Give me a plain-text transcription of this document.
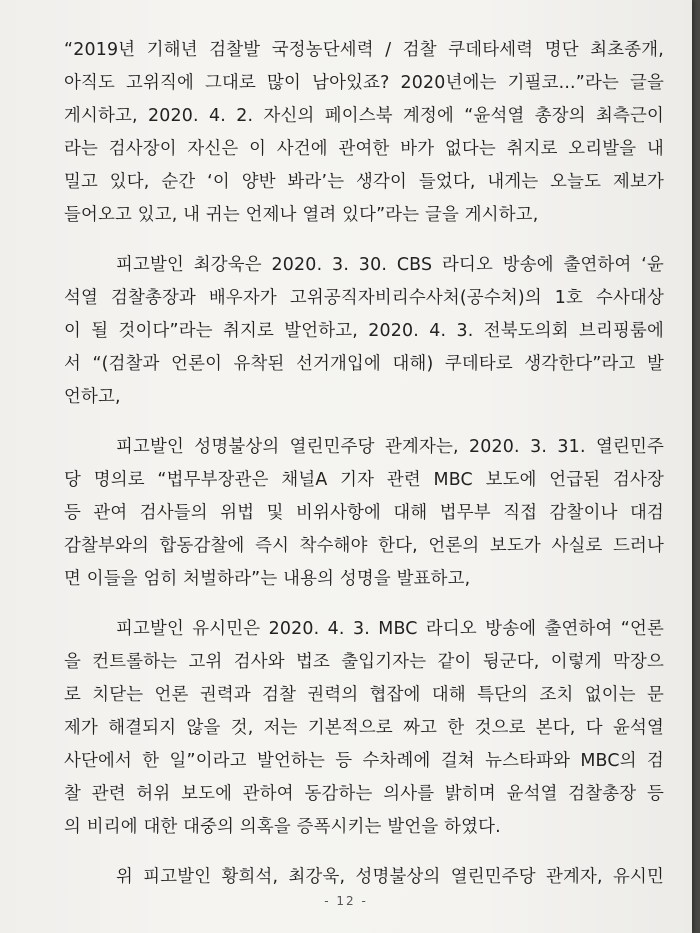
“2019년 기해년 검찰발 국정농단세력 / 검찰 쿠데타세력 명단 최초종개,
아직도 고위직에 그대로 많이 남아있죠? 2020년에는 기필코...”라는 글을
게시하고, 2020. 4. 2. 자신의 페이스북 계정에 “윤석열 총장의 최측근이
라는 검사장이 자신은 이 사건에 관여한 바가 없다는 취지로 오리발을 내
밀고 있다, 순간 ‘이 양반 봐라’는 생각이 들었다, 내게는 오늘도 제보가
들어오고 있고, 내 귀는 언제나 열려 있다”라는 글을 게시하고,
피고발인 최강욱은 2020. 3. 30. CBS 라디오 방송에 출연하여 ‘윤
석열 검찰총장과 배우자가 고위공직자비리수사처(공수처)의 1호 수사대상
이 될 것이다”라는 취지로 발언하고, 2020. 4. 3. 전북도의회 브리핑룸에
서 “(검찰과 언론이 유착된 선거개입에 대해) 쿠데타로 생각한다”라고 발
언하고,
피고발인 성명불상의 열린민주당 관계자는, 2020. 3. 31. 열린민주
당 명의로 “법무부장관은 채널A 기자 관련 MBC 보도에 언급된 검사장
등 관여 검사들의 위법 및 비위사항에 대해 법무부 직접 감찰이나 대검
감찰부와의 합동감찰에 즉시 착수해야 한다, 언론의 보도가 사실로 드러나
면 이들을 엄히 처벌하라”는 내용의 성명을 발표하고,
피고발인 유시민은 2020. 4. 3. MBC 라디오 방송에 출연하여 “언론
을 컨트롤하는 고위 검사와 법조 출입기자는 같이 뒹군다, 이렇게 막장으
로 치닫는 언론 권력과 검찰 권력의 협잡에 대해 특단의 조치 없이는 문
제가 해결되지 않을 것, 저는 기본적으로 짜고 한 것으로 본다, 다 윤석열
사단에서 한 일”이라고 발언하는 등 수차례에 걸쳐 뉴스타파와 MBC의 검
찰 관련 허위 보도에 관하여 동감하는 의사를 밝히며 윤석열 검찰총장 등
의 비리에 대한 대중의 의혹을 증폭시키는 발언을 하였다.
위 피고발인 황희석, 최강욱, 성명불상의 열린민주당 관계자, 유시민
- 12 -
